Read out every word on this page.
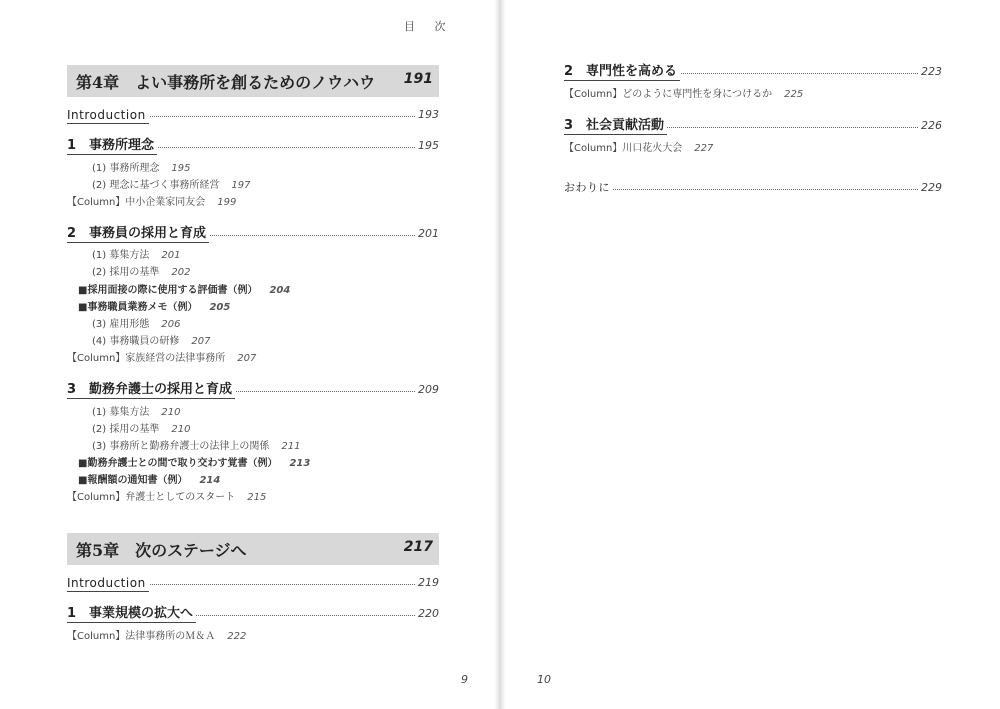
目 次
第4章　よい事務所を創るためのノウハウ 191
Introduction	193
1　事務所理念	195
(1) 事務所理念 195
(2) 理念に基づく事務所経営 197
【Column】中小企業家同友会 199
2　事務員の採用と育成	201
(1) 募集方法 201
(2) 採用の基準 202
■採用面接の際に使用する評価書（例） 204
■事務職員業務メモ（例） 205
(3) 雇用形態 206
(4) 事務職員の研修 207
【Column】家族経営の法律事務所 207
3　勤務弁護士の採用と育成	209
(1) 募集方法 210
(2) 採用の基準 210
(3) 事務所と勤務弁護士の法律上の関係 211
■勤務弁護士との間で取り交わす覚書（例） 213
■報酬額の通知書（例） 214
【Column】弁護士としてのスタート 215
第5章　次のステージへ	217
Introduction	219
1　事業規模の拡大へ	220
【Column】法律事務所のＭ＆Ａ 222
9
2　専門性を高める	223
【Column】どのように専門性を身につけるか 225
3　社会貢献活動	226
【Column】川口花火大会 227
おわりに	229
10
